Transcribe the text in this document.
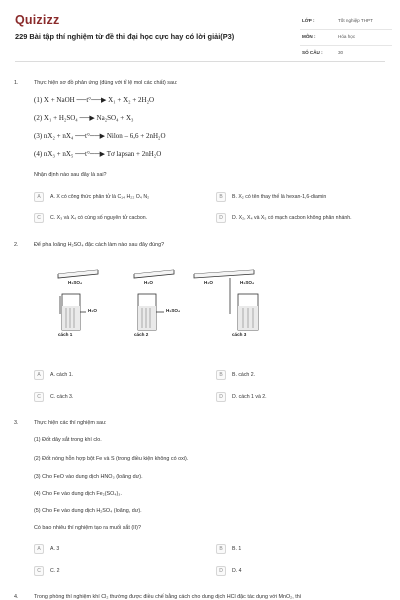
Quizizz
229 Bài tập thí nghiệm từ đề thi đại học cực hay có lời giải(P3)
LỚP :	Tốt nghiệp THPT
MÔN :	Hóa học
SỐ CÂU :	30
1.	Thực hiện sơ đồ phản ứng (đúng với tỉ lệ mol các chất) sau:
(1) X + NaOH ──t°──▶ X₁ + X₂ + 2H₂O
(2) X₁ + H₂SO₄ ──▶ Na₂SO₄ + X₃
(3) nX₂ + nX₄ ──t°──▶ Nilon – 6,6 + 2nH₂O
(4) nX₃ + nX₅ ──t°──▶ Tơ lapsan + 2nH₂O
Nhận định nào sau đây là sai?
A	A. X có công thức phân tử là C₁₄ H₂₂ O₄ N₂	B	B. X₂ có tên thay thế là hexan-1,6-diamin
C	C. X₃ và X₄ có cùng số nguyên tử cacbon.	D	D. X₂, X₄ và X₅ có mạch cacbon không phân nhánh.
2.	Để pha loãng H₂SO₄ đặc cách làm nào sau đây đúng?
H₂SO₄
H₂O
H₂O
H₂SO₄
H₂O	H₂SO₄
cách 1	cách 2	cách 3
A	A. cách 1.	B	B. cách 2.
C	C. cách 3.	D	D. cách 1 và 2.
3.	Thực hiện các thí nghiệm sau:
(1) Đốt dây sắt trong khí clo.
(2) Đốt nóng hỗn hợp bột Fe và S (trong điều kiện không có oxi).
(3) Cho FeO vào dung dịch HNO₃ (loãng dư).
(4) Cho Fe vào dung dịch Fe₂(SO₄)₃.
(5) Cho Fe vào dung dịch H₂SO₄ (loãng, dư).
Có bao nhiêu thí nghiệm tạo ra muối sắt (II)?
A	A. 3	B	B. 1
C	C. 2	D	D. 4
4.	Trong phòng thí nghiệm khí Cl₂ thường được điều chế bằng cách cho dung dịch HCl đặc tác dụng với MnO₂, thì
